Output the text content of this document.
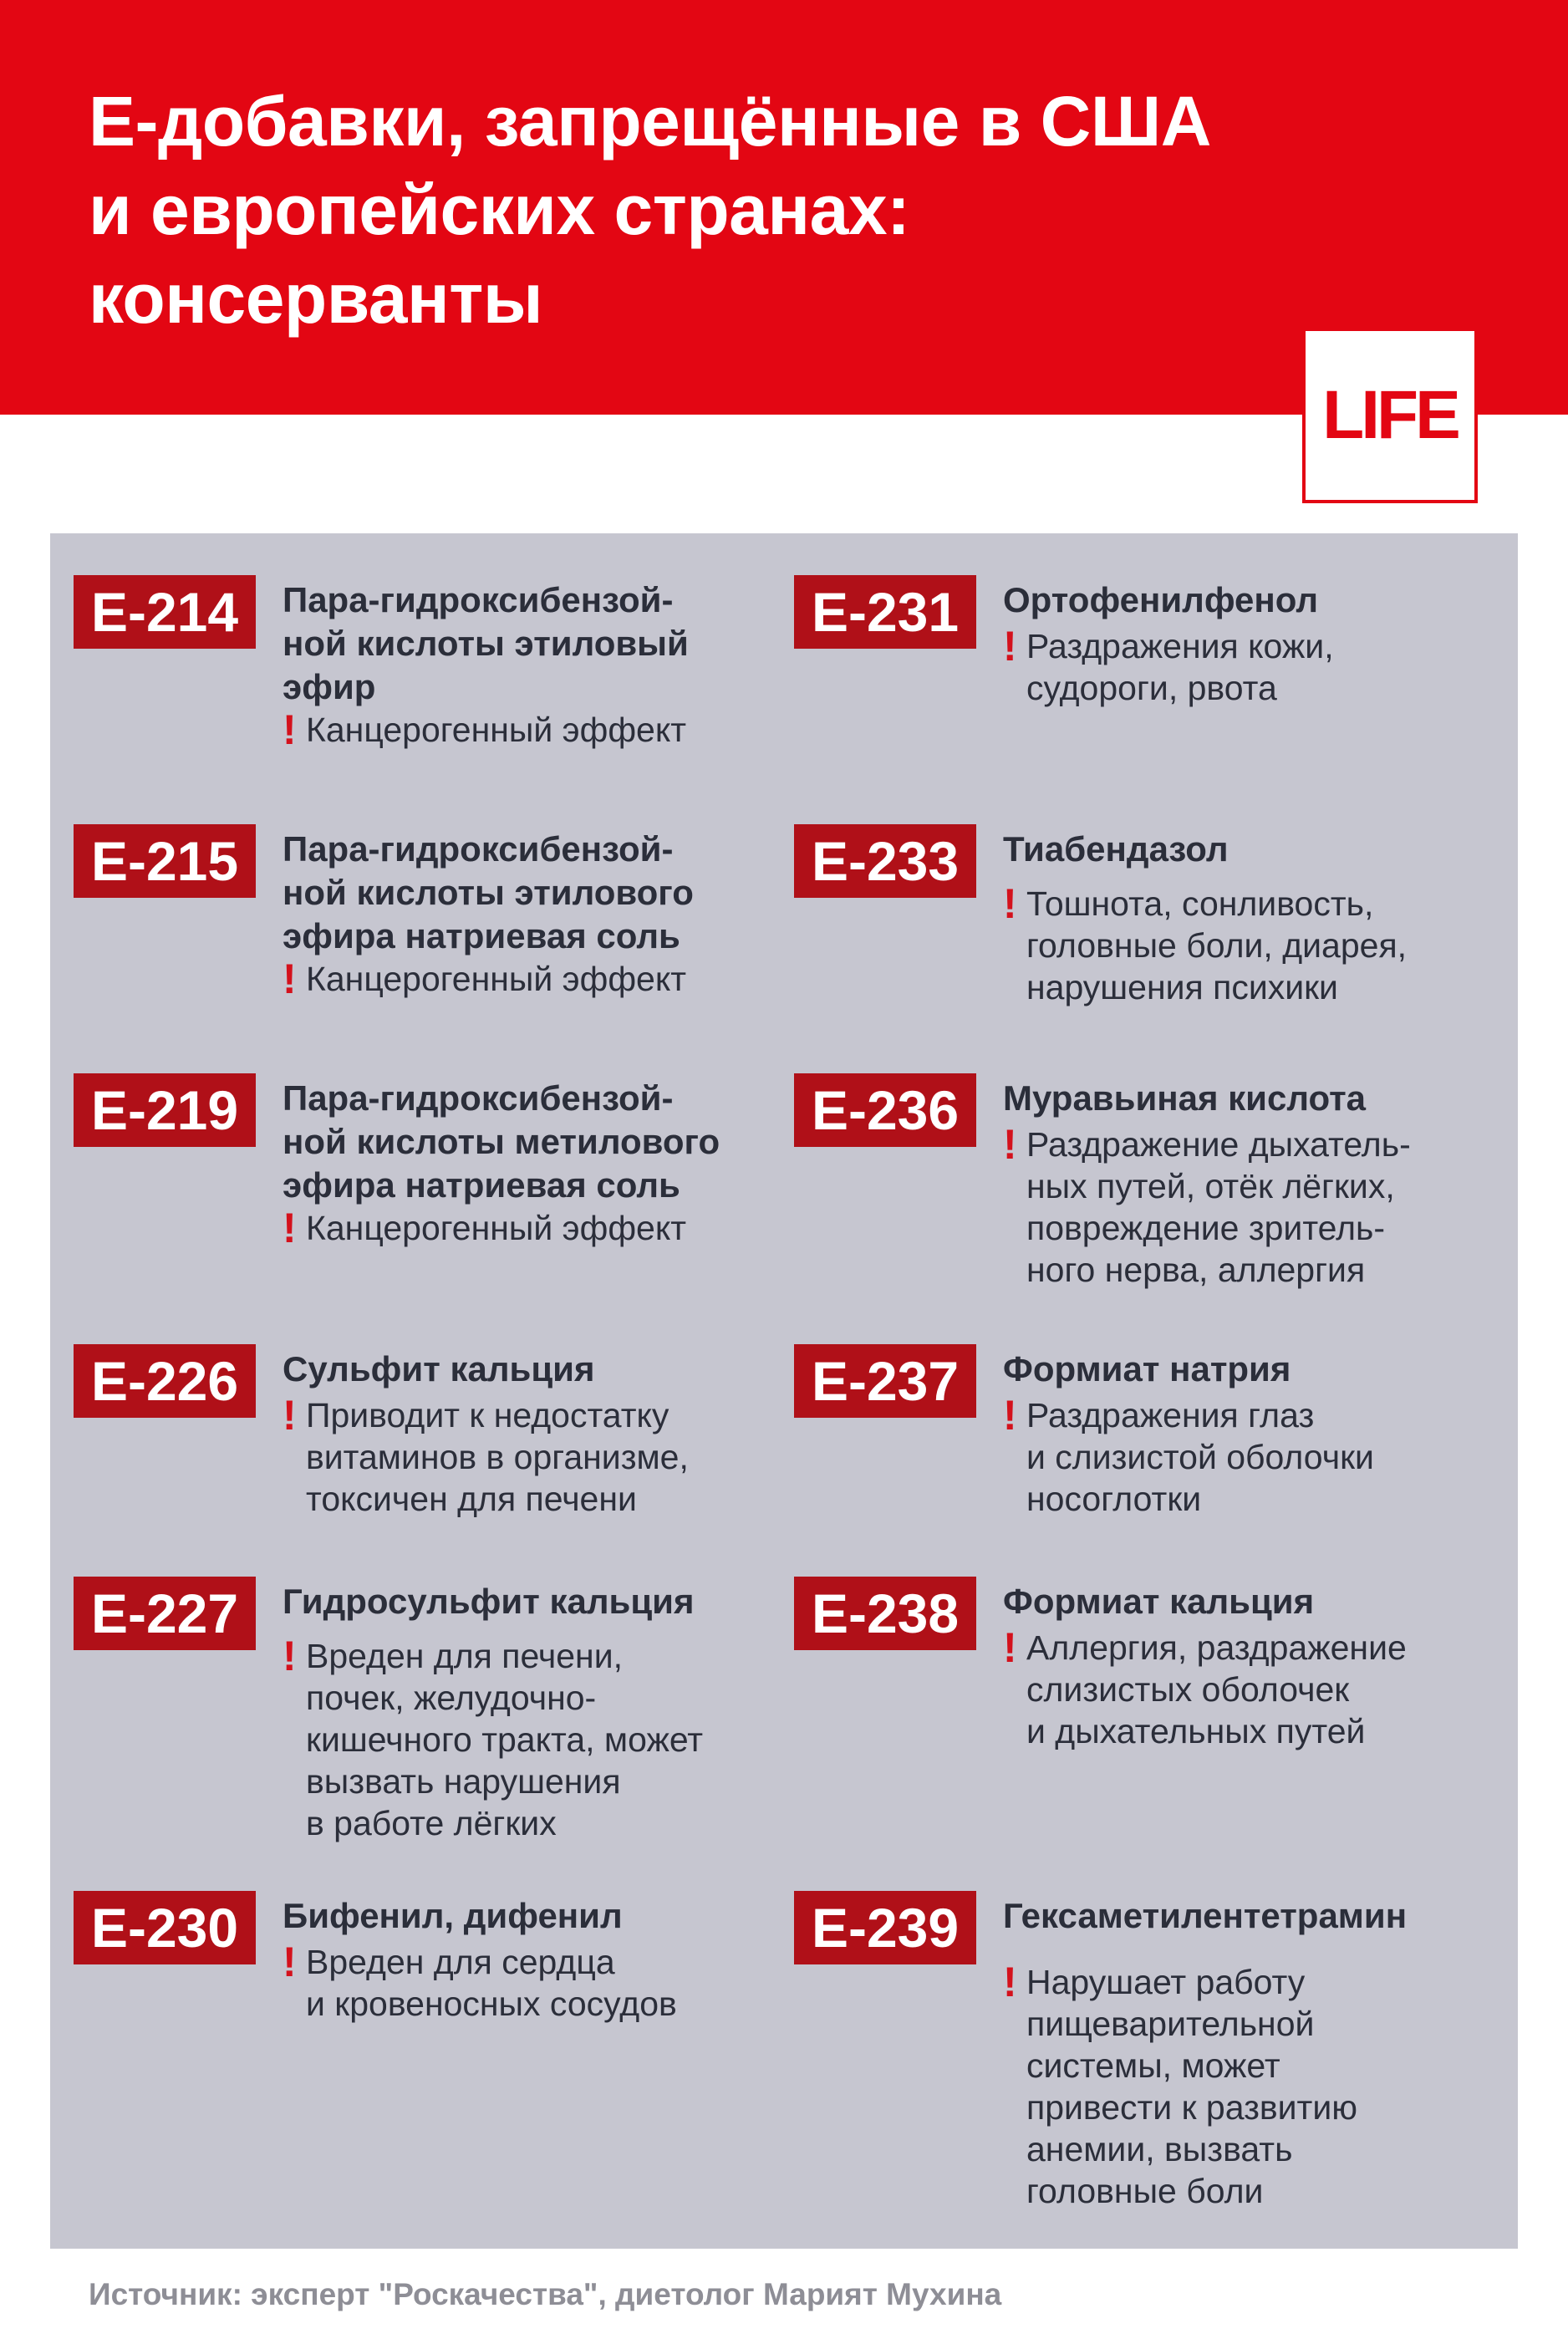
Е-добавки, запрещённые в США
и европейских странах:
консерванты
LIFE
Е-214	Пара-гидроксибензой-
ной кислоты этиловый
эфир
! Канцерогенный эффект
Е-215	Пара-гидроксибензой-
ной кислоты этилового
эфира натриевая соль
! Канцерогенный эффект
Е-219	Пара-гидроксибензой-
ной кислоты метилового
эфира натриевая соль
! Канцерогенный эффект
Е-226	Сульфит кальция
! Приводит к недостатку
витаминов в организме,
токсичен для печени
Е-227	Гидросульфит кальция
! Вреден для печени,
почек, желудочно-
кишечного тракта, может
вызвать нарушения
в работе лёгких
Е-230	Бифенил, дифенил
! Вреден для сердца
и кровеносных сосудов
Е-231	Ортофенилфенол
! Раздражения кожи,
судороги, рвота
Е-233	Тиабендазол
! Тошнота, сонливость,
головные боли, диарея,
нарушения психики
Е-236	Муравьиная кислота
! Раздражение дыхатель-
ных путей, отёк лёгких,
повреждение зритель-
ного нерва, аллергия
Е-237	Формиат натрия
! Раздражения глаз
и слизистой оболочки
носоглотки
Е-238	Формиат кальция
! Аллергия, раздражение
слизистых оболочек
и дыхательных путей
Е-239	Гексаметилентетрамин
! Нарушает работу
пищеварительной
системы, может
привести к развитию
анемии, вызвать
головные боли

Источник: эксперт "Роскачества", диетолог Марият Мухина
